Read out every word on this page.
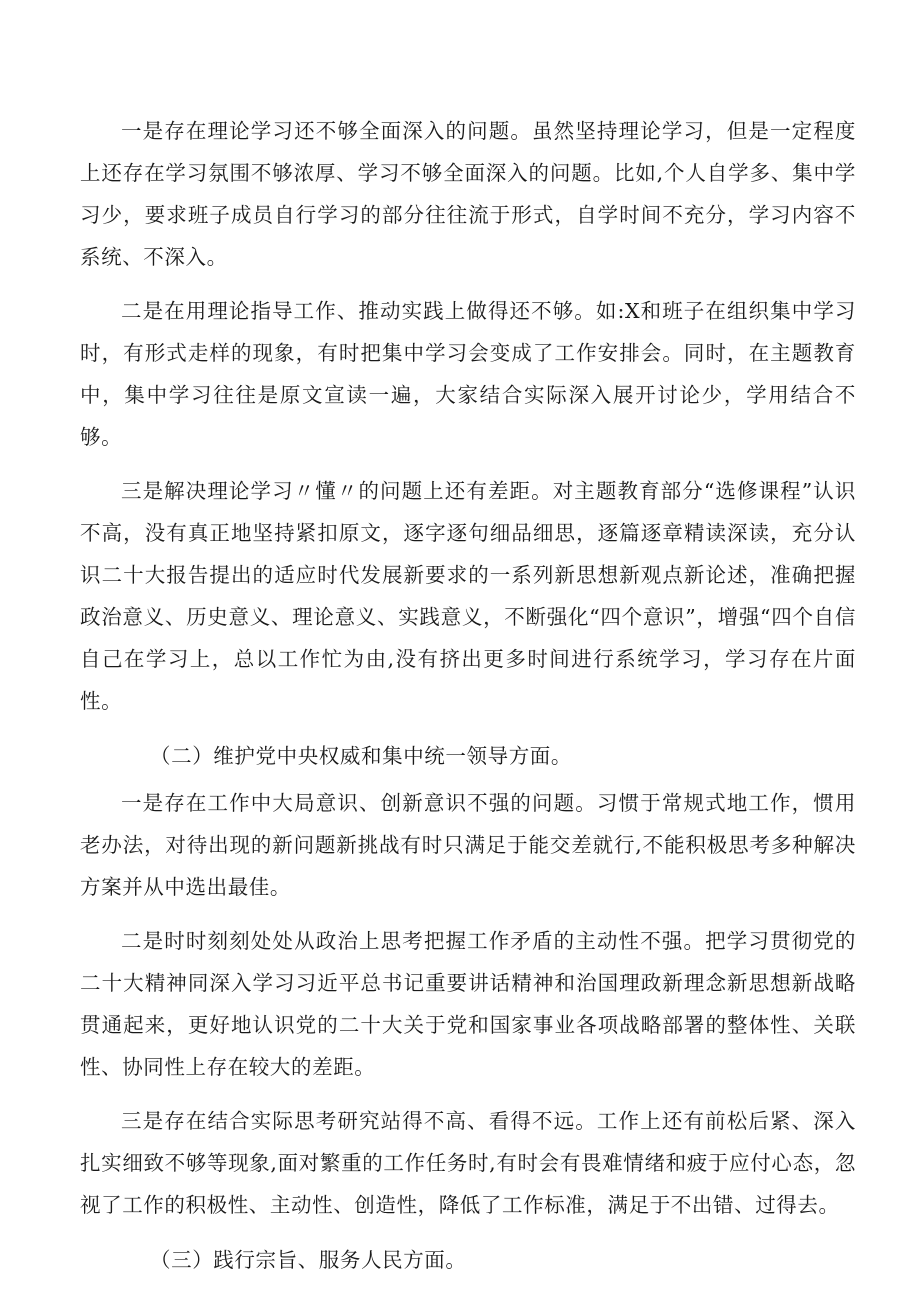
一是存在理论学习还不够全面深入的问题。虽然坚持理论学习，但是一定程度上还存在学习氛围不够浓厚、学习不够全面深入的问题。比如,个人自学多、集中学习少，要求班子成员自行学习的部分往往流于形式，自学时间不充分，学习内容不系统、不深入。

二是在用理论指导工作、推动实践上做得还不够。如:X和班子在组织集中学习时，有形式走样的现象，有时把集中学习会变成了工作安排会。同时，在主题教育中，集中学习往往是原文宣读一遍，大家结合实际深入展开讨论少，学用结合不够。

三是解决理论学习〃懂〃的问题上还有差距。对主题教育部分“选修课程”认识不高，没有真正地坚持紧扣原文，逐字逐句细品细思，逐篇逐章精读深读，充分认识二十大报告提出的适应时代发展新要求的一系列新思想新观点新论述，准确把握政治意义、历史意义、理论意义、实践意义，不断强化“四个意识”，增强“四个自信自己在学习上，总以工作忙为由,没有挤出更多时间进行系统学习，学习存在片面性。

（二）维护党中央权威和集中统一领导方面。

一是存在工作中大局意识、创新意识不强的问题。习惯于常规式地工作，惯用老办法，对待出现的新问题新挑战有时只满足于能交差就行,不能积极思考多种解决方案并从中选出最佳。

二是时时刻刻处处从政治上思考把握工作矛盾的主动性不强。把学习贯彻党的二十大精神同深入学习习近平总书记重要讲话精神和治国理政新理念新思想新战略贯通起来，更好地认识党的二十大关于党和国家事业各项战略部署的整体性、关联性、协同性上存在较大的差距。

三是存在结合实际思考研究站得不高、看得不远。工作上还有前松后紧、深入扎实细致不够等现象,面对繁重的工作任务时,有时会有畏难情绪和疲于应付心态，忽视了工作的积极性、主动性、创造性，降低了工作标准，满足于不出错、过得去。

（三）践行宗旨、服务人民方面。
